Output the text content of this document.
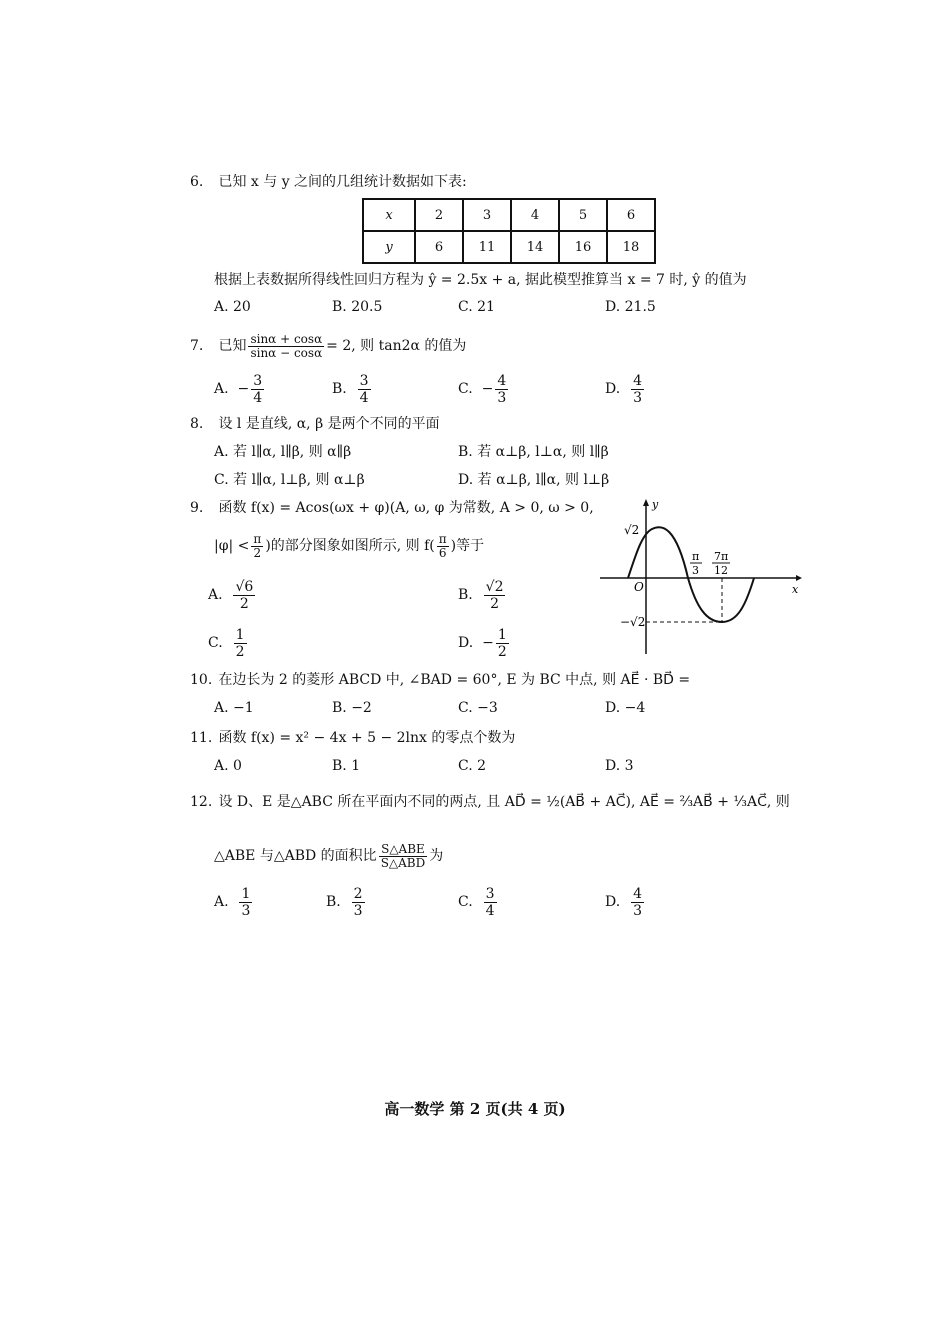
6. 已知 x 与 y 之间的几组统计数据如下表:
x	2	3	4	5	6
y	6	11	14	16	18
根据上表数据所得线性回归方程为 ŷ = 2.5x + a, 据此模型推算当 x = 7 时, ŷ 的值为
A. 20	B. 20.5	C. 21	D. 21.5
7. 已知 $\frac{\sin\alpha + \cos\alpha}{\sin\alpha - \cos\alpha} = 2$, 则 tan2α 的值为
A. − $\frac{3}{4}$	B. $\frac{3}{4}$	C. − $\frac{4}{3}$	D. $\frac{4}{3}$
8. 设 l 是直线, α, β 是两个不同的平面
A. 若 l∥α, l∥β, 则 α∥β	B. 若 α⊥β, l⊥α, 则 l∥β
C. 若 l∥α, l⊥β, 则 α⊥β	D. 若 α⊥β, l∥α, 则 l⊥β
9. 函数 f(x) = Acos(ωx + φ)(A, ω, φ 为常数, A > 0, ω > 0,
$|\varphi| < \frac{\pi}{2}$ )的部分图象如图所示, 则 $f( \frac{\pi}{6}$ )等于
A. $\frac{√6}{2}$	B. $\frac{√2}{2}$
C. $\frac{1}{2}$	D. − $\frac{1}{2}$
y
x
O
√2
−√2
π
3
7π
12
10. 在边长为 2 的菱形 ABCD 中, ∠BAD = 60°, E 为 BC 中点, 则 AE⃗ · BD⃗ =
A. −1	B. −2	C. −3	D. −4
11. 函数 f(x) = x² − 4x + 5 − 2lnx 的零点个数为
A. 0	B. 1	C. 2	D. 3
12. 设 D、E 是△ABC 所在平面内不同的两点, 且 AD⃗ = ½(AB⃗ + AC⃗), AE⃗ = ⅔AB⃗ + ⅓AC⃗, 则
△ABE 与△ABD 的面积比 $\frac{\text{S△ABE}}{\text{S△ABD}}$ 为
A. $\frac{1}{3}$	B. $\frac{2}{3}$	C. $\frac{3}{4}$	D. $\frac{4}{3}$
高一数学 第 2 页(共 4 页)
